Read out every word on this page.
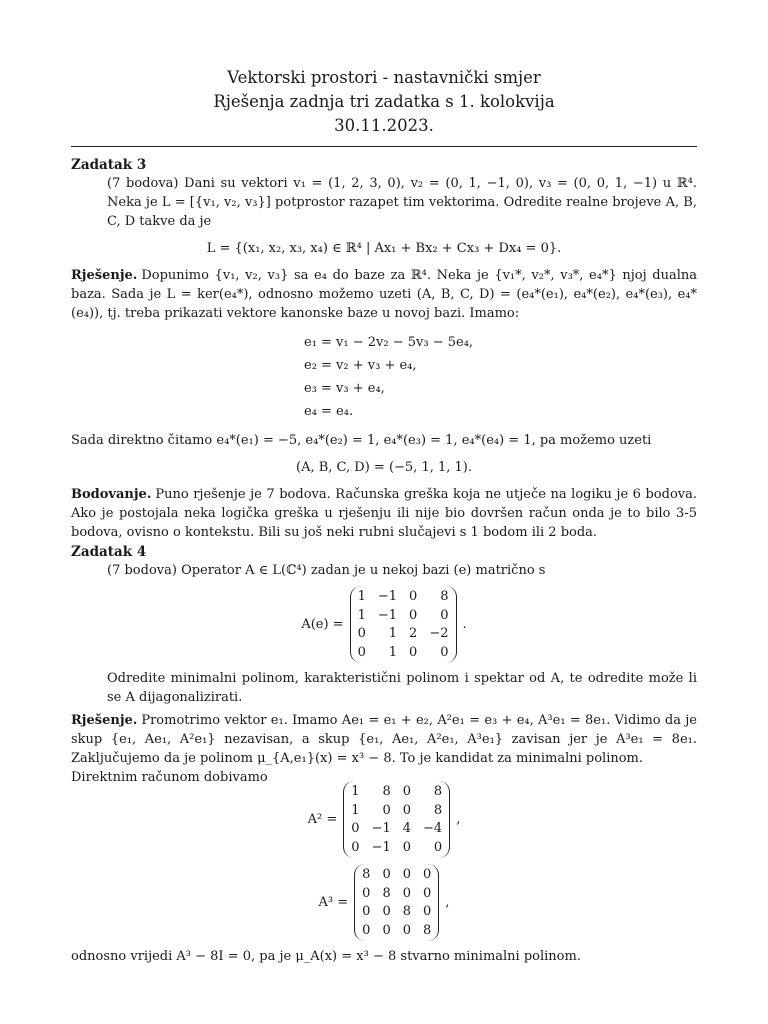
Vektorski prostori - nastavnički smjer
Rješenja zadnja tri zadatka s 1. kolokvija
30.11.2023.
Zadatak 3

(7 bodova) Dani su vektori v₁ = (1, 2, 3, 0), v₂ = (0, 1, −1, 0), v₃ = (0, 0, 1, −1) u ℝ⁴. Neka je L = [{v₁, v₂, v₃}] potprostor razapet tim vektorima. Odredite realne brojeve A, B, C, D takve da je

L = {(x₁, x₂, x₃, x₄) ∈ ℝ⁴ | Ax₁ + Bx₂ + Cx₃ + Dx₄ = 0}.

Rješenje. Dopunimo {v₁, v₂, v₃} sa e₄ do baze za ℝ⁴. Neka je {v₁*, v₂*, v₃*, e₄*} njoj dualna baza. Sada je L = ker(e₄*), odnosno možemo uzeti (A, B, C, D) = (e₄*(e₁), e₄*(e₂), e₄*(e₃), e₄*(e₄)), tj. treba prikazati vektore kanonske baze u novoj bazi. Imamo:

e₁ = v₁ − 2v₂ − 5v₃ − 5e₄,
e₂ = v₂ + v₃ + e₄,
e₃ = v₃ + e₄,
e₄ = e₄.

Sada direktno čitamo e₄*(e₁) = −5, e₄*(e₂) = 1, e₄*(e₃) = 1, e₄*(e₄) = 1, pa možemo uzeti

(A, B, C, D) = (−5, 1, 1, 1).

Bodovanje. Puno rješenje je 7 bodova. Računska greška koja ne utječe na logiku je 6 bodova. Ako je postojala neka logička greška u rješenju ili nije bio dovršen račun onda je to bilo 3-5 bodova, ovisno o kontekstu. Bili su još neki rubni slučajevi s 1 bodom ili 2 boda.

Zadatak 4

(7 bodova) Operator A ∈ L(ℂ⁴) zadan je u nekoj bazi (e) matrično s

A(e) =
1 −1 0	8
1 −1 0	0
0	1 2 −2
0	1 0	0
.

Odredite minimalni polinom, karakteristični polinom i spektar od A, te odredite može li se A dijagonalizirati.

Rješenje. Promotrimo vektor e₁. Imamo Ae₁ = e₁ + e₂, A²e₁ = e₃ + e₄, A³e₁ = 8e₁. Vidimo da je skup {e₁, Ae₁, A²e₁} nezavisan, a skup {e₁, Ae₁, A²e₁, A³e₁} zavisan jer je A³e₁ = 8e₁. Zaključujemo da je polinom μ_{A,e₁}(x) = x³ − 8. To je kandidat za minimalni polinom.

Direktnim računom dobivamo

A² =
1	8 0	8
1	0 0	8
0 −1 4 −4
0 −1 0	0
,
A³ =
8 0 0 0
0 8 0 0
0 0 8 0
0 0 0 8
,

odnosno vrijedi A³ − 8I = 0, pa je μ_A(x) = x³ − 8 stvarno minimalni polinom.
